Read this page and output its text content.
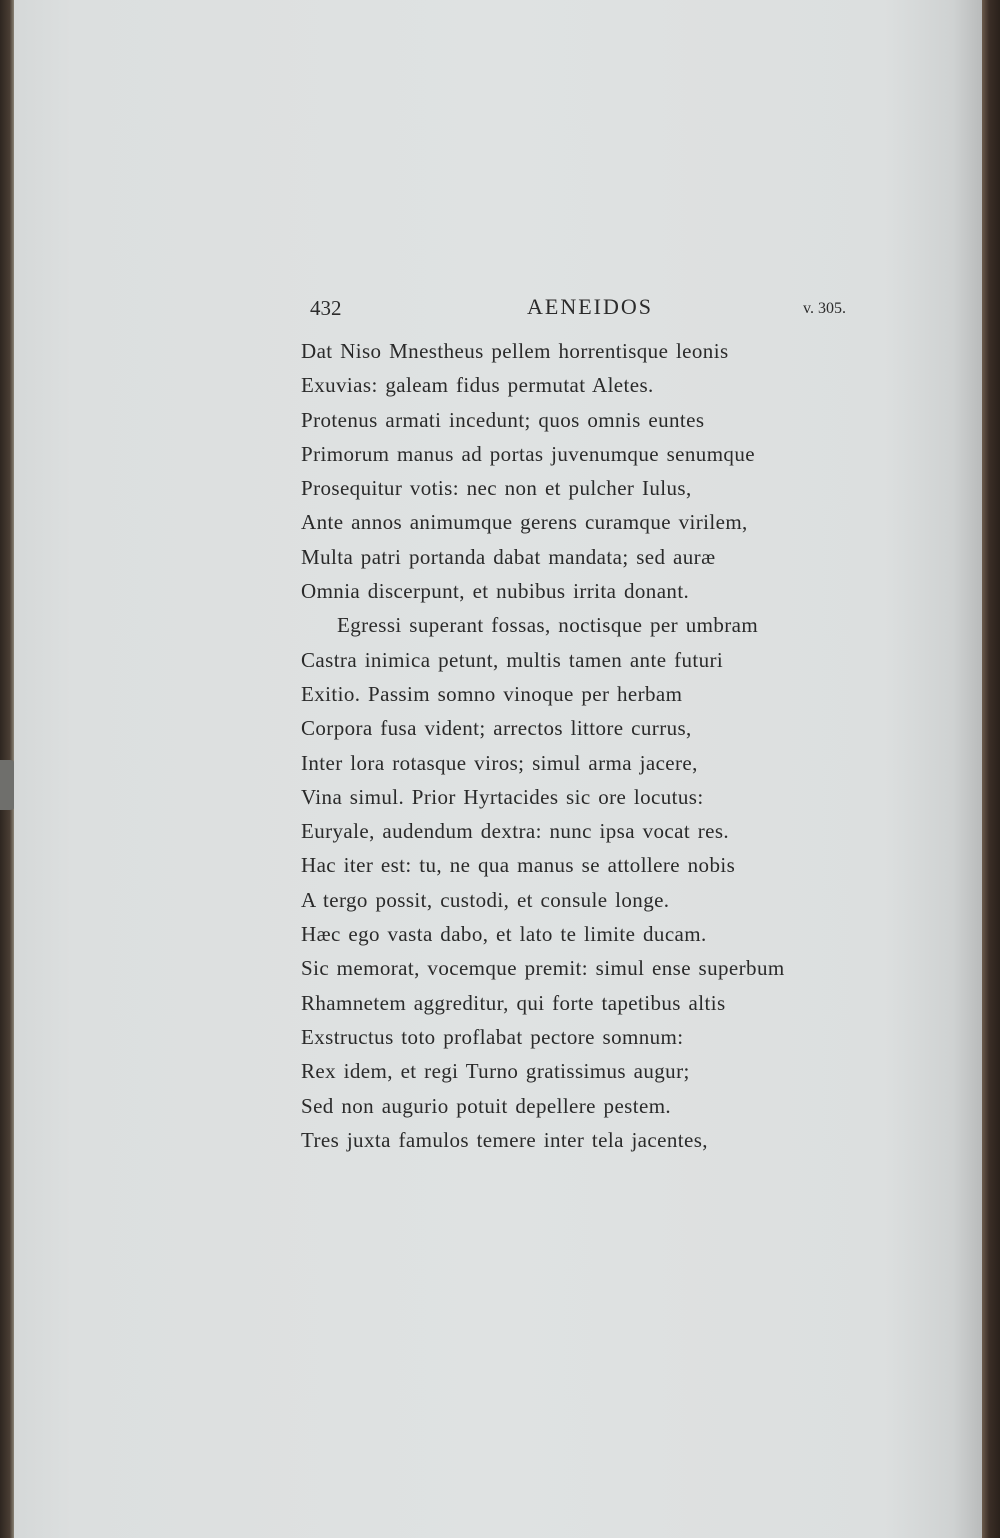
432	AENEIDOS	v. 305.
Dat Niso Mnestheus pellem horrentisque leonis
Exuvias: galeam fidus permutat Aletes.
Protenus armati incedunt; quos omnis euntes
Primorum manus ad portas juvenumque senumque
Prosequitur votis: nec non et pulcher Iulus,
Ante annos animumque gerens curamque virilem,
Multa patri portanda dabat mandata; sed auræ
Omnia discerpunt, et nubibus irrita donant.
Egressi superant fossas, noctisque per umbram
Castra inimica petunt, multis tamen ante futuri
Exitio. Passim somno vinoque per herbam
Corpora fusa vident; arrectos littore currus,
Inter lora rotasque viros; simul arma jacere,
Vina simul. Prior Hyrtacides sic ore locutus:
Euryale, audendum dextra: nunc ipsa vocat res.
Hac iter est: tu, ne qua manus se attollere nobis
A tergo possit, custodi, et consule longe.
Hæc ego vasta dabo, et lato te limite ducam.
Sic memorat, vocemque premit: simul ense superbum
Rhamnetem aggreditur, qui forte tapetibus altis
Exstructus toto proflabat pectore somnum:
Rex idem, et regi Turno gratissimus augur;
Sed non augurio potuit depellere pestem.
Tres juxta famulos temere inter tela jacentes,
